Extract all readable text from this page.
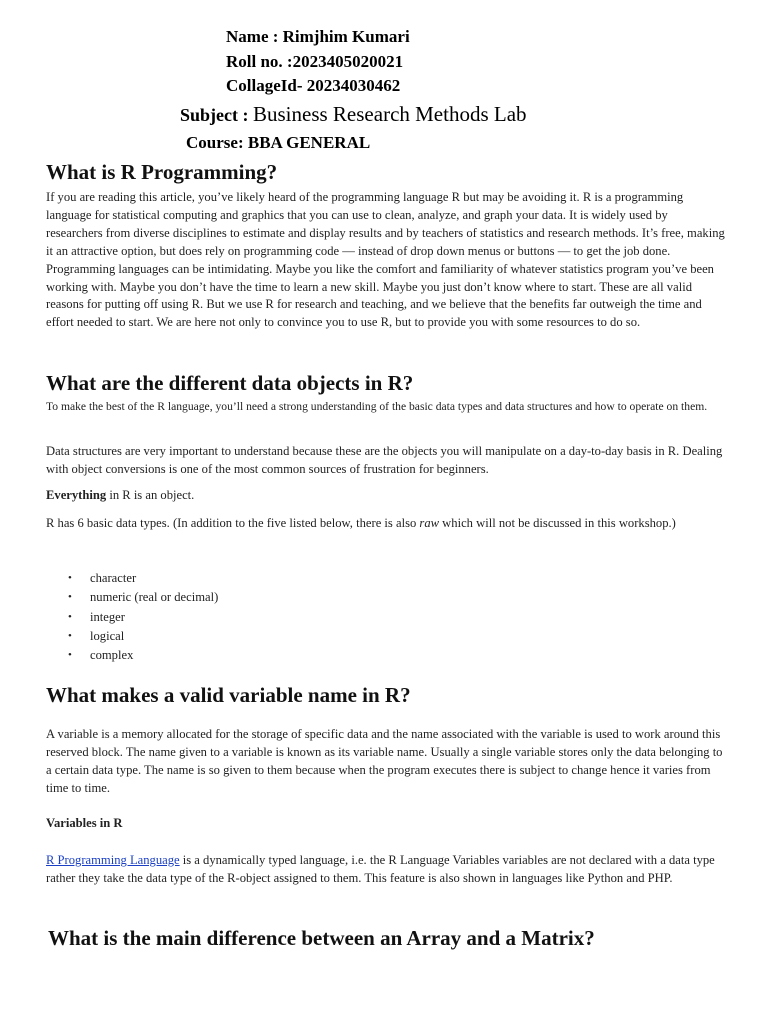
Name : Rimjhim Kumari
Roll no. :2023405020021
CollageId- 20234030462
Subject : Business Research Methods Lab
Course: BBA GENERAL
What is R Programming?

If you are reading this article, you’ve likely heard of the programming language R but may be avoiding it. R is a programming language for statistical computing and graphics that you can use to clean, analyze, and graph your data. It is widely used by researchers from diverse disciplines to estimate and display results and by teachers of statistics and research methods. It’s free, making it an attractive option, but does rely on programming code — instead of drop down menus or buttons — to get the job done. Programming languages can be intimidating. Maybe you like the comfort and familiarity of whatever statistics program you’ve been working with. Maybe you don’t have the time to learn a new skill. Maybe you just don’t know where to start. These are all valid reasons for putting off using R. But we use R for research and teaching, and we believe that the benefits far outweigh the time and effort needed to start. We are here not only to convince you to use R, but to provide you with some resources to do so.

What are the different data objects in R?

To make the best of the R language, you’ll need a strong understanding of the basic data types and data structures and how to operate on them.

Data structures are very important to understand because these are the objects you will manipulate on a day-to-day basis in R. Dealing with object conversions is one of the most common sources of frustration for beginners.

Everything in R is an object.

R has 6 basic data types. (In addition to the five listed below, there is also raw which will not be discussed in this workshop.)

• character
• numeric (real or decimal)
• integer
• logical
• complex
What makes a valid variable name in R?

A variable is a memory allocated for the storage of specific data and the name associated with the variable is used to work around this reserved block. The name given to a variable is known as its variable name. Usually a single variable stores only the data belonging to a certain data type. The name is so given to them because when the program executes there is subject to change hence it varies from time to time.

Variables in R

R Programming Language is a dynamically typed language, i.e. the R Language Variables variables are not declared with a data type rather they take the data type of the R-object assigned to them. This feature is also shown in languages like Python and PHP.

What is the main difference between an Array and a Matrix?
